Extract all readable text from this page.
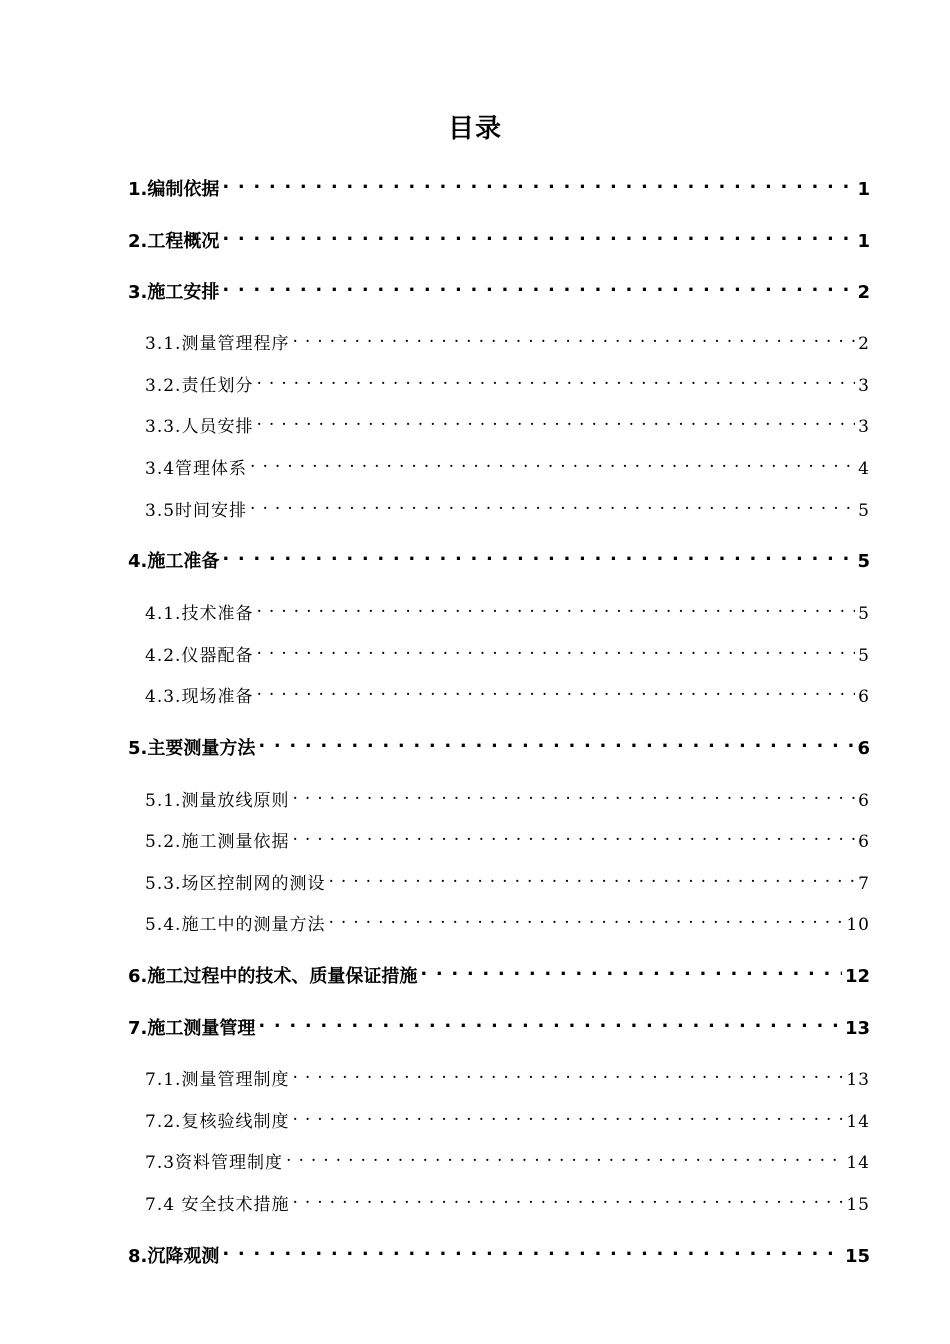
目录
1.编制依据 . . .	1
2.工程概况 . . .	1
3.施工安排 . . .	2
3.1.测量管理程序 . . .	2
3.2.责任划分 . . .	3
3.3.人员安排 . . .	3
3.4管理体系 . . .	4
3.5时间安排 . . .	5
4.施工准备 . . .	5
4.1.技术准备 . . .	5
4.2.仪器配备 . . .	5
4.3.现场准备 . . .	6
5.主要测量方法 . . .	6
5.1.测量放线原则 . . .	6
5.2.施工测量依据 . . .	6
5.3.场区控制网的测设 . . .	7
5.4.施工中的测量方法 . . .	10
6.施工过程中的技术、质量保证措施 . . .	12
7.施工测量管理 . . .	13
7.1.测量管理制度 . . .	13
7.2.复核验线制度 . . .	14
7.3资料管理制度 . . .	14
7.4 安全技术措施 . . .	15
8.沉降观测 . . .	15
